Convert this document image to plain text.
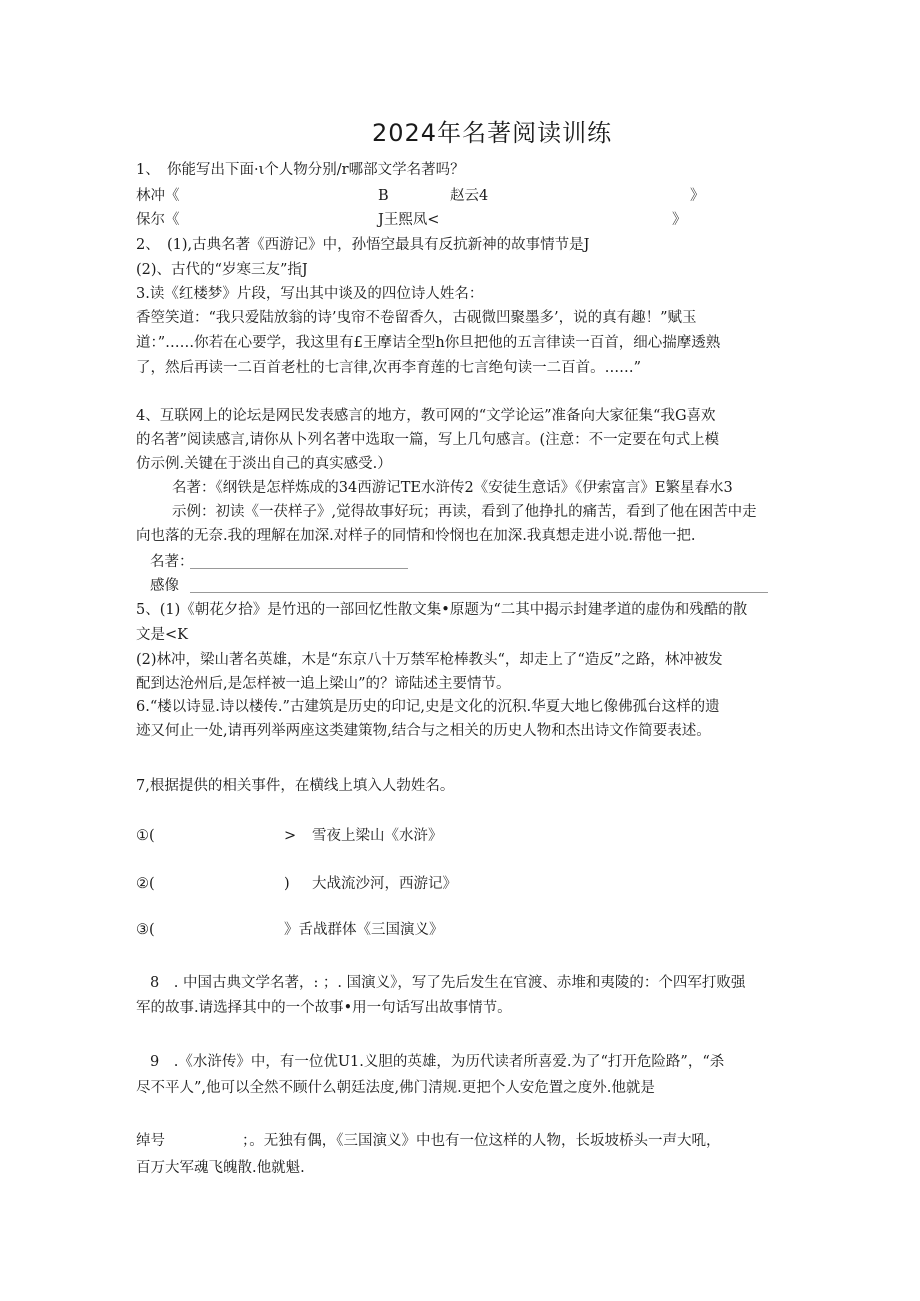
2024年名著阅读训练
1、　你能写出下面·ι个人物分别/r哪部文学名著吗？
林冲《	B	赵云4	》
保尔《	J王熙凤<	》
2、　(1),古典名著《西游记》中，孙悟空最具有反抗新神的故事情节是J
(2)、古代的“岁寒三友”指J
3.读《红楼梦》片段，写出其中谈及的四位诗人姓名：
香箜笑道：“我只爱陆放翁的诗’曳帘不卷留香久，古砚微凹聚墨多’，说的真有趣！”赋玉
道：”……你若在心要学，我这里有£王摩诘全型h你旦把他的五言律读一百首，细心揣摩透熟
了，然后再读一二百首老杜的七言律,次再李育莲的七言绝句读一二百首。……”
4、互联网上的论坛是网民发表感言的地方，教可网的“文学论运”准备向大家征集“我G喜欢
的名著”阅读感言,请你从卜列名著中选取一篇，写上几句感言。(注意：不一定要在句式上模
仿示例.关键在于淡出自己的真实感受.）
名著：《纲铁是怎样炼成的34西游记TE水浒传2《安徒生意话》《伊索富言》E繁星春水3
示例：初读《一茯样子》,觉得故事好玩；再读，看到了他挣扎的痛苦，看到了他在困苦中走
向也落的无奈.我的理解在加深.对样子的同情和怜悯也在加深.我真想走进小说.帮他一把.
名著：
感像
5、(1)《朝花夕拾》是竹迅的一部回忆性散文集•原题为“二其中揭示封建孝道的虚伪和残酷的散
文是<K
(2)林冲，梁山著名英雄，木是“东京八十万禁军枪棒教头“，却走上了“造反”之路，林冲被发
配到达沧州后,是怎样被一追上梁山”的？谛陆述主要情节。
6.“楼以诗显.诗以楼传.”古建筑是历史的印记,史是文化的沉积.华夏大地匕像佛孤台这样的遗
迹又何止一处,请再列举两座这类建策物,结合与之相关的历史人物和杰出诗文作简要表述。
7,根据提供的相关事件，在横线上填入人勃姓名。
①(	> 雪夜上梁山《水浒》
②(	) 大战流沙河，西游记》
③(	》舌战群体《三国演义》
8　. 中国古典文学名著，: ；. 国演义》，写了先后发生在官渡、赤堆和夷陵的：个四军打败强
军的故事.请选择其中的一个故事•用一句话写出故事情节。
9　.《水浒传》中，有一位优U1.义胆的英雄，为历代读者所喜爱.为了“打开危险路”，“杀
尽不平人”,他可以全然不顾什么朝廷法度,佛门清规.更把个人安危置之度外.他就是
绰号	；。无独有偶，《三国演义》中也有一位这样的人物，长坂坡桥头一声大吼，
百万大军魂飞魄散.他就魁.
